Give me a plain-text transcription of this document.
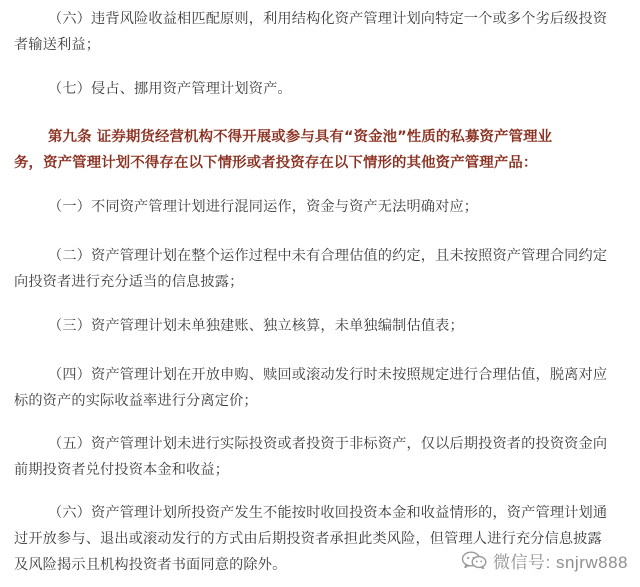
（六）违背风险收益相匹配原则，利用结构化资产管理计划向特定一个或多个劣后级投资
者输送利益；

（七）侵占、挪用资产管理计划资产。

第九条 证券期货经营机构不得开展或参与具有“资金池”性质的私募资产管理业
务，资产管理计划不得存在以下情形或者投资存在以下情形的其他资产管理产品：

（一）不同资产管理计划进行混同运作，资金与资产无法明确对应；

（二）资产管理计划在整个运作过程中未有合理估值的约定，且未按照资产管理合同约定
向投资者进行充分适当的信息披露；

（三）资产管理计划未单独建账、独立核算，未单独编制估值表；

（四）资产管理计划在开放申购、赎回或滚动发行时未按照规定进行合理估值，脱离对应
标的资产的实际收益率进行分离定价；

（五）资产管理计划未进行实际投资或者投资于非标资产，仅以后期投资者的投资资金向
前期投资者兑付投资本金和收益；

（六）资产管理计划所投资产发生不能按时收回投资本金和收益情形的，资产管理计划通
过开放参与、退出或滚动发行的方式由后期投资者承担此类风险，但管理人进行充分信息披露
及风险揭示且机构投资者书面同意的除外。	微信号: snjrw888
